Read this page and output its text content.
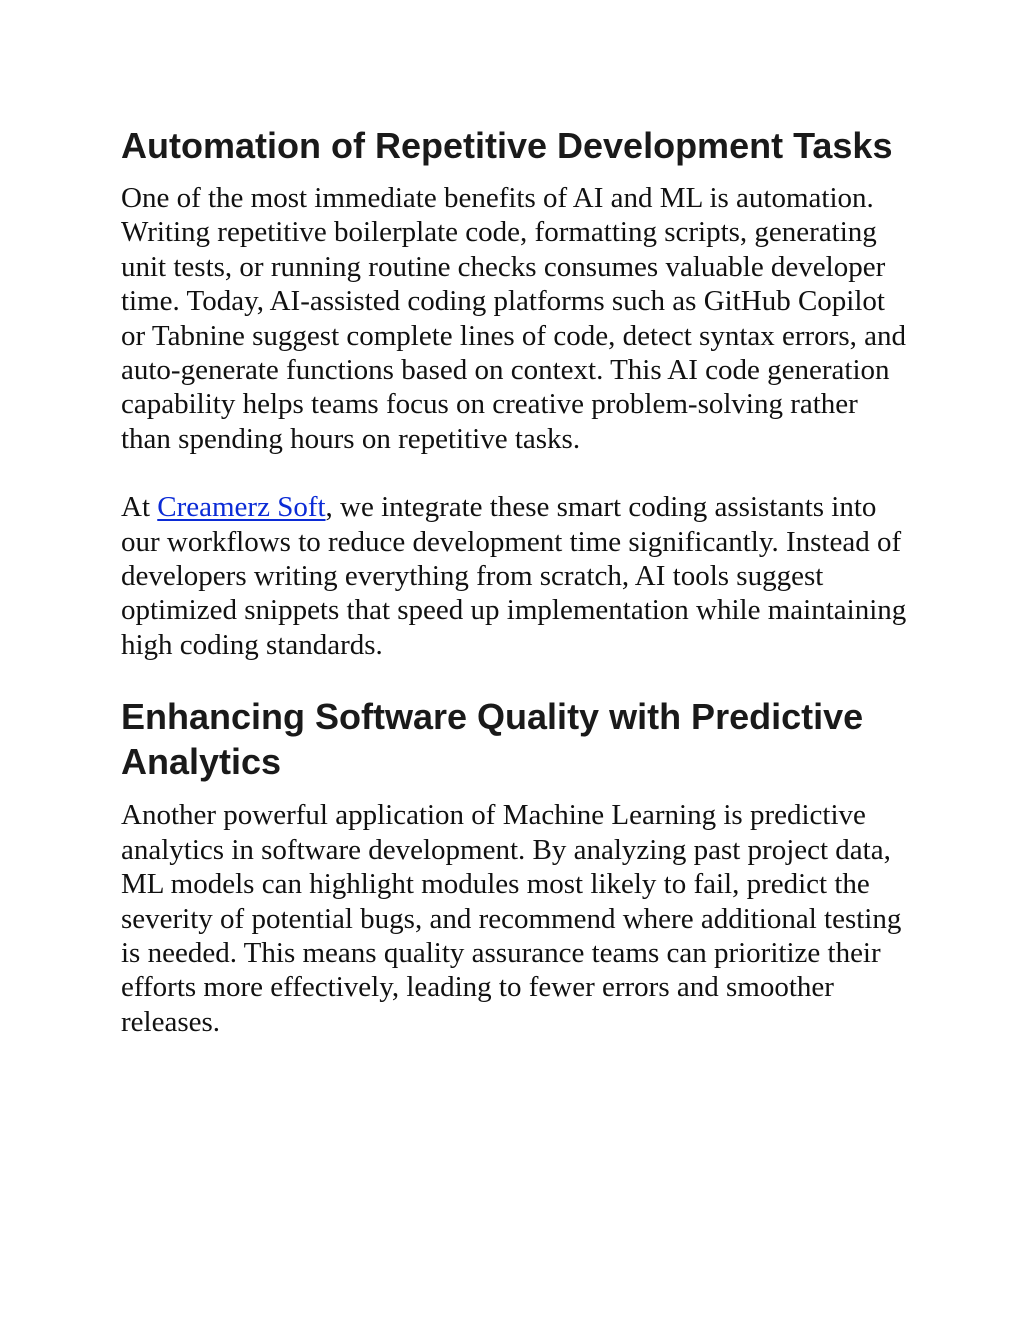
Automation of Repetitive Development Tasks

One of the most immediate benefits of AI and ML is automation. Writing repetitive boilerplate code, formatting scripts, generating unit tests, or running routine checks consumes valuable developer time. Today, AI-assisted coding platforms such as GitHub Copilot or Tabnine suggest complete lines of code, detect syntax errors, and auto-generate functions based on context. This AI code generation capability helps teams focus on creative problem-solving rather than spending hours on repetitive tasks.

At Creamerz Soft, we integrate these smart coding assistants into our workflows to reduce development time significantly. Instead of developers writing everything from scratch, AI tools suggest optimized snippets that speed up implementation while maintaining high coding standards.

Enhancing Software Quality with Predictive Analytics

Another powerful application of Machine Learning is predictive analytics in software development. By analyzing past project data, ML models can highlight modules most likely to fail, predict the severity of potential bugs, and recommend where additional testing is needed. This means quality assurance teams can prioritize their efforts more effectively, leading to fewer errors and smoother releases.
